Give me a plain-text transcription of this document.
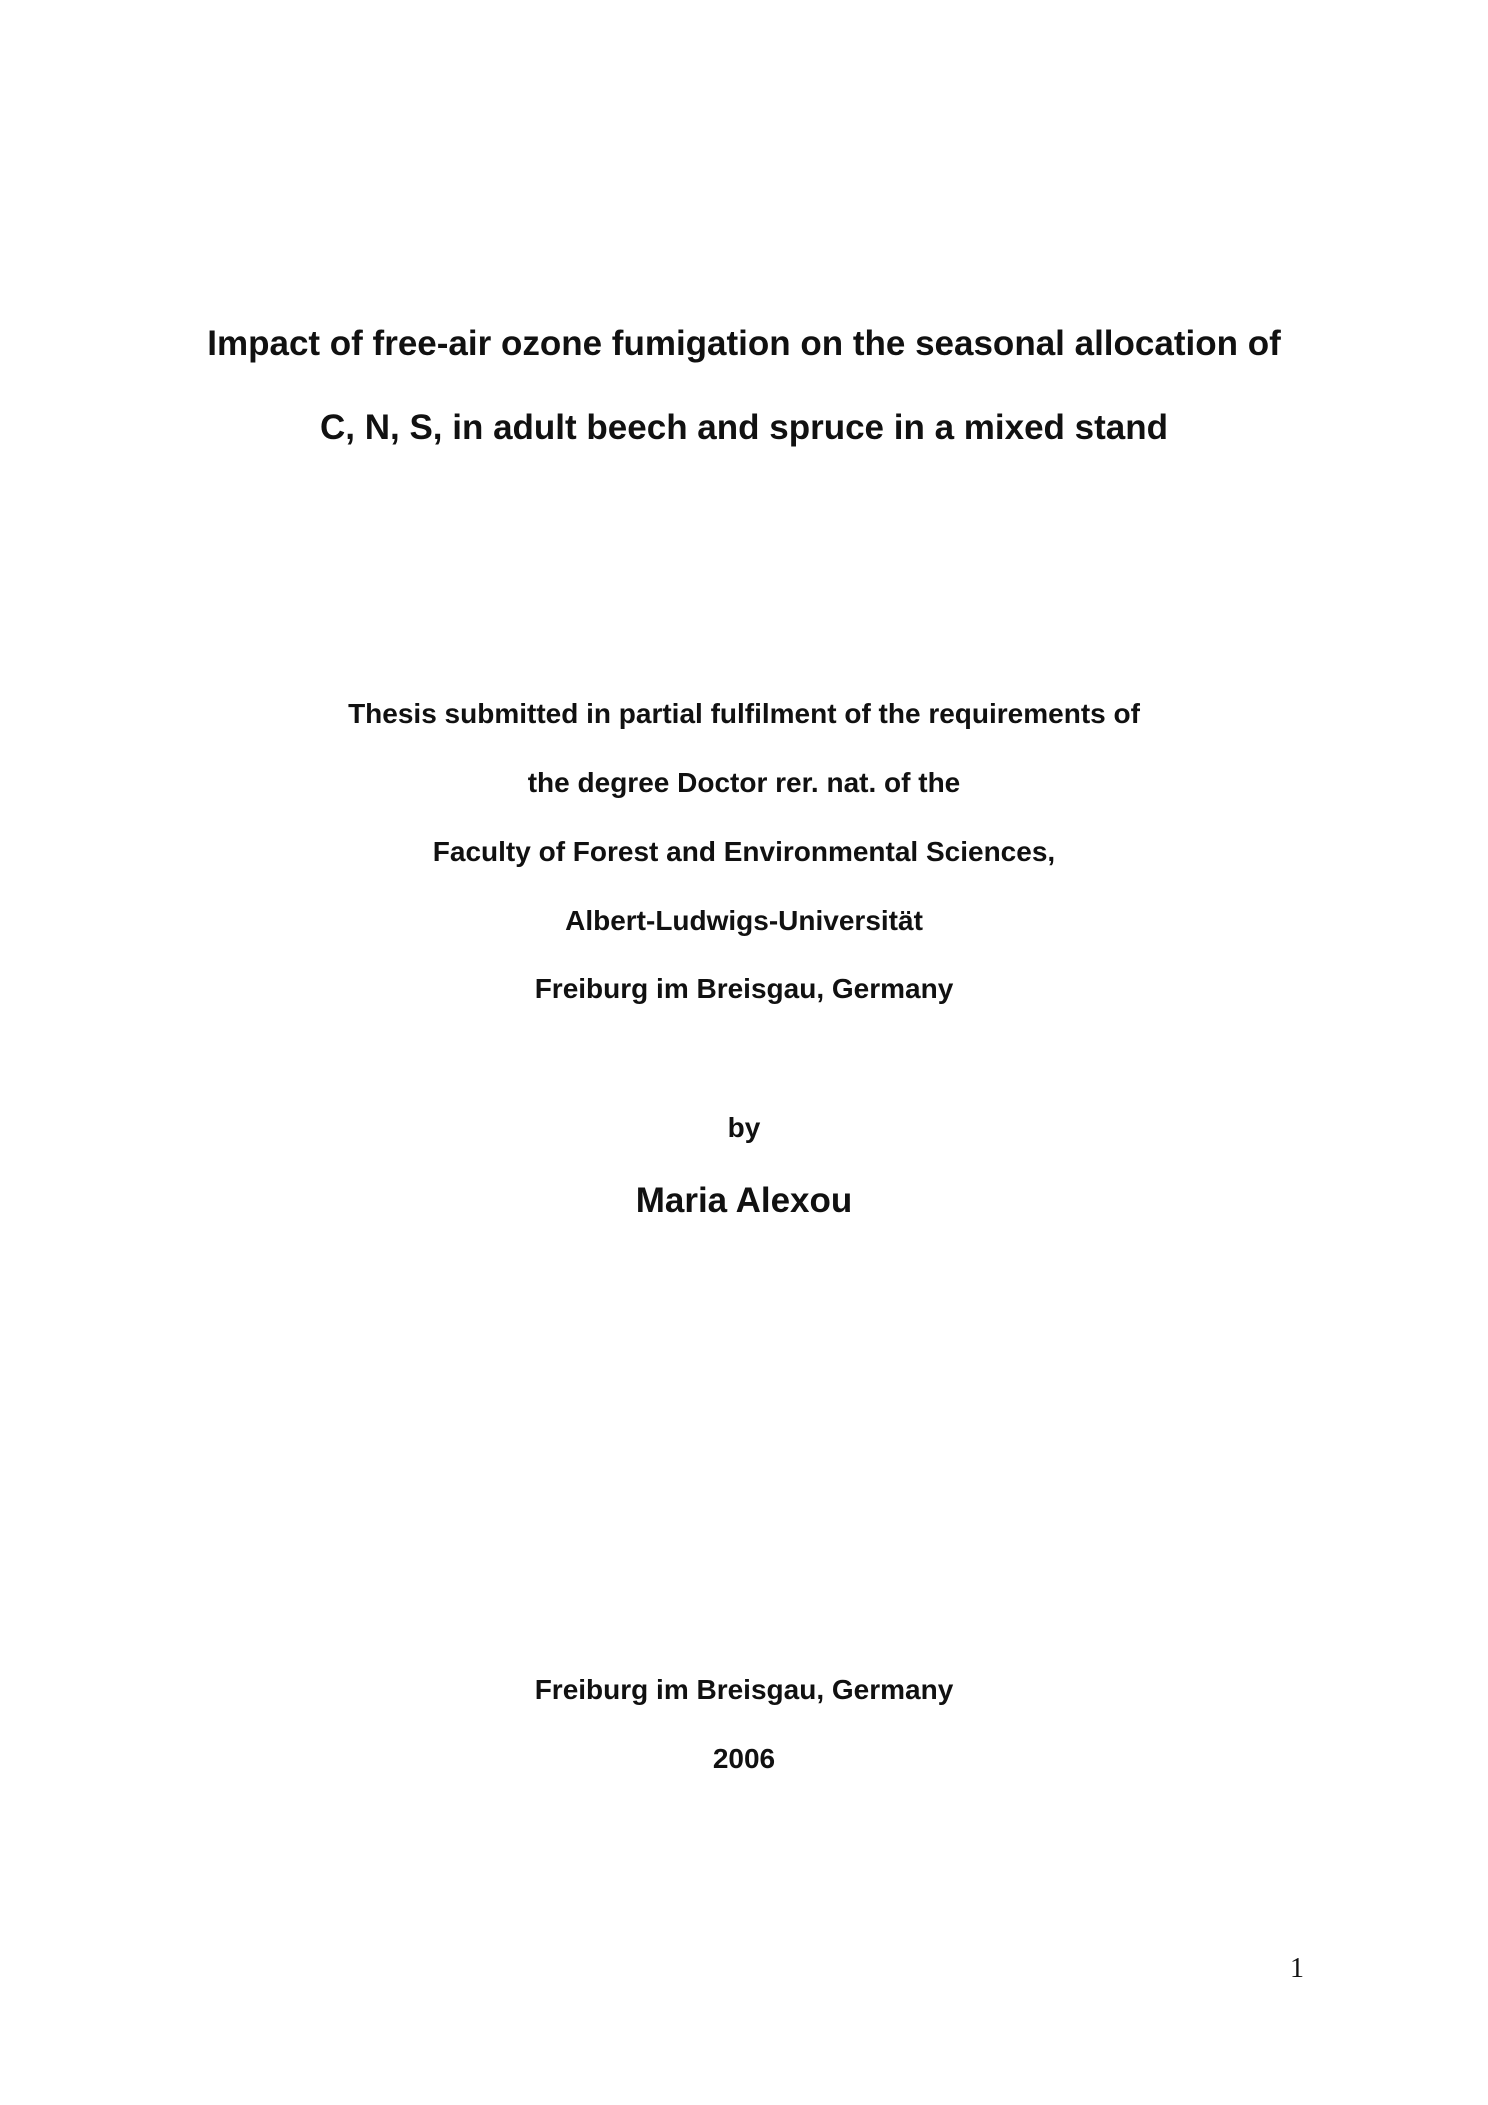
Impact of free-air ozone fumigation on the seasonal allocation of
C, N, S, in adult beech and spruce in a mixed stand
Thesis submitted in partial fulfilment of the requirements of
the degree Doctor rer. nat. of the
Faculty of Forest and Environmental Sciences,
Albert-Ludwigs-Universität
Freiburg im Breisgau, Germany
by
Maria Alexou
Freiburg im Breisgau, Germany
2006
1
